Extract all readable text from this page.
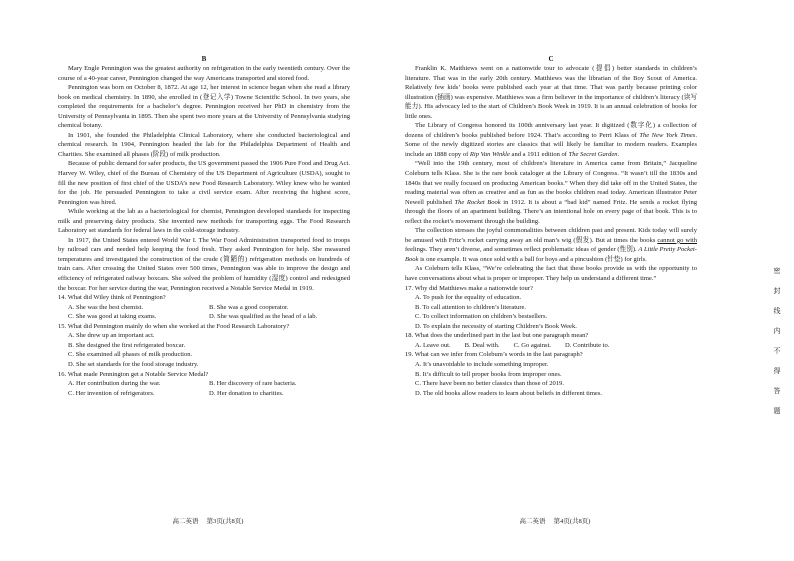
B

Mary Engle Pennington was the greatest authority on refrigeration in the early twentieth century. Over the course of a 40-year career, Pennington changed the way Americans transported and stored food.

Pennington was born on October 8, 1872. At age 12, her interest in science began when she read a library book on medical chemistry. In 1890, she enrolled in (登记入学) Towne Scientific School. In two years, she completed the requirements for a bachelor’s degree. Pennington received her PhD in chemistry from the University of Pennsylvania in 1895. Then she spent two more years at the University of Pennsylvania studying chemical botany.

In 1901, she founded the Philadelphia Clinical Laboratory, where she conducted bacteriological and chemical research. In 1904, Pennington headed the lab for the Philadelphia Department of Health and Charities. She examined all phases (阶段) of milk production.

Because of public demand for safer products, the US government passed the 1906 Pure Food and Drug Act. Harvey W. Wiley, chief of the Bureau of Chemistry of the US Department of Agriculture (USDA), sought to fill the new position of first chief of the USDA’s new Food Research Laboratory. Wiley knew who he wanted for the job. He persuaded Pennington to take a civil service exam. After receiving the highest score, Pennington was hired.

While working at the lab as a bacteriological for chemist, Pennington developed standards for inspecting milk and preserving dairy products. She invented new methods for transporting eggs. The Food Research Laboratory set standards for federal laws in the cold-storage industry.

In 1917, the United States entered World War I. The War Food Administration transported food to troops by railroad cars and needed help keeping the food fresh. They asked Pennington for help. She measured temperatures and investigated the construction of the crude (简陋的) refrigeration methods on hundreds of train cars. After crossing the United States over 500 times, Pennington was able to improve the design and efficiency of refrigerated railway boxcars. She solved the problem of humidity (湿度) control and redesigned the boxcar. For her service during the war, Pennington received a Notable Service Medal in 1919.

14. What did Wiley think of Pennington?

A. She was the best chemist.	B. She was a good cooperator.
C. She was good at taking exams.	D. She was qualified as the head of a lab.

15. What did Pennington mainly do when she worked at the Food Research Laboratory?

A. She drew up an important act.

B. She designed the first refrigerated boxcar.

C. She examined all phases of milk production.

D. She set standards for the food storage industry.

16. What made Pennington get a Notable Service Medal?

A. Her contribution during the war.	B. Her discovery of rare bacteria.
C. Her invention of refrigerators.	D. Her donation to charities.
C

Franklin K. Matthiews went on a nationwide tour to advocate (提倡) better standards in children’s literature. That was in the early 20th century. Matthiews was the librarian of the Boy Scout of America. Relatively few kids’ books were published each year at that time. That was partly because printing color illustration (插画) was expensive. Matthiews was a firm believer in the importance of children’s literacy (读写能力). His advocacy led to the start of Children’s Book Week in 1919. It is an annual celebration of books for little ones.

The Library of Congress honored its 100th anniversary last year. It digitized (数字化) a collection of dozens of children’s books published before 1924. That’s according to Perri Klass of The New York Times. Some of the newly digitized stories are classics that will likely be familiar to modern readers. Examples include an 1888 copy of Rip Van Winkle and a 1911 edition of The Secret Garden.

“Well into the 19th century, most of children’s literature in America came from Britain,” Jacqueline Coleburn tells Klass. She is the rare book cataloger at the Library of Congress. “It wasn’t till the 1830s and 1840s that we really focused on producing American books.” When they did take off in the United States, the reading material was often as creative and as fun as the books children read today. American illustrator Peter Newell published The Rocket Book in 1912. It is about a “bad kid” named Fritz. He sends a rocket flying through the floors of an apartment building. There’s an intentional hole on every page of that book. This is to reflect the rocket’s movement through the building.

The collection stresses the joyful commonalities between children past and present. Kids today will surely be amused with Fritz’s rocket carrying away an old man’s wig (假发). But at times the books cannot go with feelings. They aren’t diverse, and sometimes reflect problematic ideas of gender (性别). A Little Pretty Pocket-Book is one example. It was once sold with a ball for boys and a pincushion (针垫) for girls.

As Coleburn tells Klass, “We’re celebrating the fact that these books provide us with the opportunity to have conversations about what is proper or improper. They help us understand a different time.”

17. Why did Matthiews make a nationwide tour?

A. To push for the equality of education.

B. To call attention to children’s literature.

C. To collect information on children’s bestsellers.

D. To explain the necessity of starting Children’s Book Week.

18. What does the underlined part in the last but one paragraph mean?

A. Leave out. B. Deal with. C. Go against. D. Contribute to.

19. What can we infer from Colebum’s words in the last paragraph?

A. It’s unavoidable to include something improper.

B. It’s difficult to tell proper books from improper ones.

C. There have been no better classics than those of 2019.

D. The old books allow readers to learn about beliefs in different times.

高二英语　 第3页(共8页)	高二英语　 第4页(共8页)
密
封
线
内
不
得
答
题
